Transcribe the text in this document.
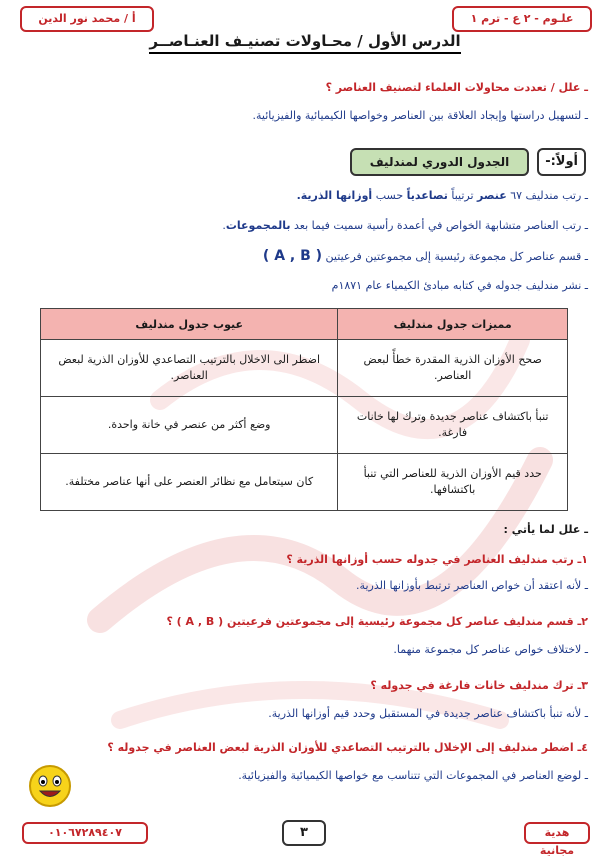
علـوم - ٢ ع - ترم ١
أ / محمد نور الدين
الدرس الأول / محـاولات تصنيـف العنـاصــر
ـ علل / تعددت محاولات العلماء لتصنيف العناصر ؟
ـ لتسهيل دراستها وإيجاد العلاقة بين العناصر وخواصها الكيميائية والفيزيائية.
أولاً:-
الجدول الدوري لمندليف
ـ رتب مندليف ٦٧ عنصر ترتيباً تصاعدياً حسب أوزانها الذرية.
ـ رتب العناصر متشابهة الخواص في أعمدة رأسية سميت فيما بعد بالمجموعات.
ـ قسم عناصر كل مجموعة رئيسية إلى مجموعتين فرعيتين ( A , B )
ـ نشر مندليف جدوله في كتابه مبادئ الكيمياء عام ١٨٧١م
مميزات جدول مندليف	عيوب جدول مندليف
صحح الأوزان الذرية المقدرة خطأً لبعض العناصر.	اضطر الى الاخلال بالترتيب التصاعدي للأوزان الذرية لبعض العناصر.
تنبأ باكتشاف عناصر جديدة وترك لها خانات فارغة.	وضع أكثر من عنصر في خانة واحدة.
حدد قيم الأوزان الذرية للعناصر التي تنبأ باكتشافها.	كان سيتعامل مع نظائر العنصر على أنها عناصر مختلفة.
ـ علل لما يأتي :
١ـ رتب مندليف العناصر في جدوله حسب أوزانها الذرية ؟
ـ لأنه اعتقد أن خواص العناصر ترتبط بأوزانها الذرية.
٢ـ قسم مندليف عناصر كل مجموعة رئيسية إلى مجموعتين فرعيتين ( A , B ) ؟
ـ لاختلاف خواص عناصر كل مجموعة منهما.
٣ـ ترك مندليف خانات فارغة في جدوله ؟
ـ لأنه تنبأ باكتشاف عناصر جديدة في المستقبل وحدد قيم أوزانها الذرية.
٤ـ اضطر مندليف إلى الإخلال بالترتيب التصاعدي للأوزان الذرية لبعض العناصر في جدوله ؟
ـ لوضع العناصر في المجموعات التي تتناسب مع خواصها الكيميائية والفيزيائية.
٠١٠٦٧٢٨٩٤٠٧	٣	هدية مجانية
